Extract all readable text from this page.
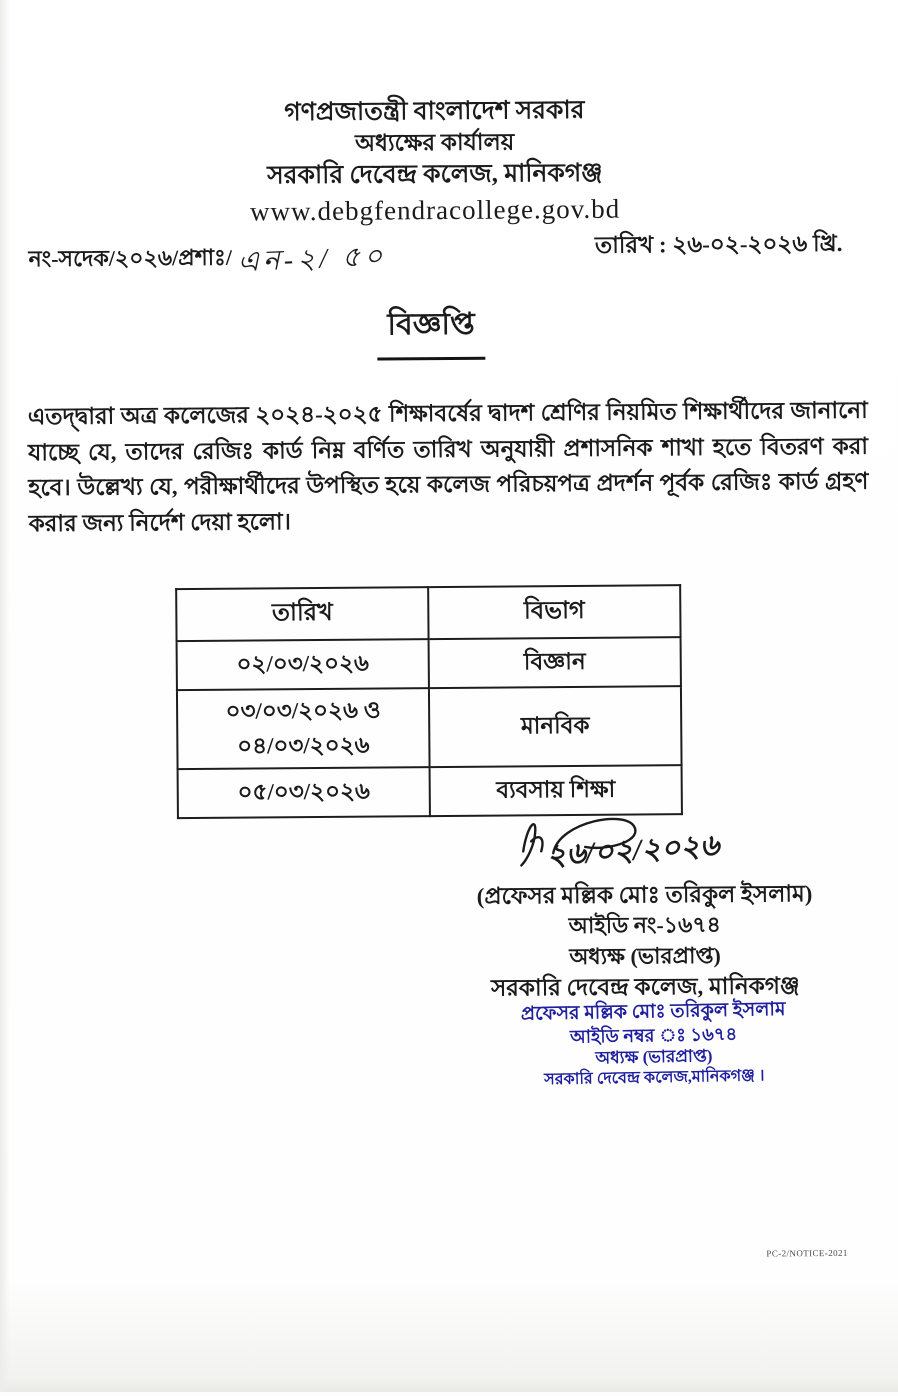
গণপ্রজাতন্ত্রী বাংলাদেশ সরকার
অধ্যক্ষের কার্যালয়
সরকারি দেবেন্দ্র কলেজ, মানিকগঞ্জ
www.debgfendracollege.gov.bd
নং-সদেক/২০২৬/প্রশাঃ/ এন-২/ ৫০	তারিখ : ২৬-০২-২০২৬ খ্রি.
বিজ্ঞপ্তি
এতদ্দ্বারা অত্র কলেজের ২০২৪-২০২৫ শিক্ষাবর্ষের দ্বাদশ শ্রেণির নিয়মিত শিক্ষার্থীদের জানানো যাচ্ছে যে, তাদের রেজিঃ কার্ড নিম্ন বর্ণিত তারিখ অনুযায়ী প্রশাসনিক শাখা হতে বিতরণ করা হবে। উল্লেখ্য যে, পরীক্ষার্থীদের উপস্থিত হয়ে কলেজ পরিচয়পত্র প্রদর্শন পূর্বক রেজিঃ কার্ড গ্রহণ করার জন্য নির্দেশ দেয়া হলো।
তারিখ	বিভাগ
০২/০৩/২০২৬	বিজ্ঞান

০৩/০৩/২০২৬ ও
০৪/০৩/২০২৬	মানবিক
০৫/০৩/২০২৬	ব্যবসায় শিক্ষা
২৬/০২/২০২৬
(প্রফেসর মল্লিক মোঃ তরিকুল ইসলাম)
আইডি নং-১৬৭৪
অধ্যক্ষ (ভারপ্রাপ্ত)
সরকারি দেবেন্দ্র কলেজ, মানিকগঞ্জ
প্রফেসর মল্লিক মোঃ তরিকুল ইসলাম
আইডি নম্বর ঃ ১৬৭৪
অধ্যক্ষ (ভারপ্রাপ্ত)
সরকারি দেবেন্দ্র কলেজ,মানিকগঞ্জ ।
PC-2/NOTICE-2021
